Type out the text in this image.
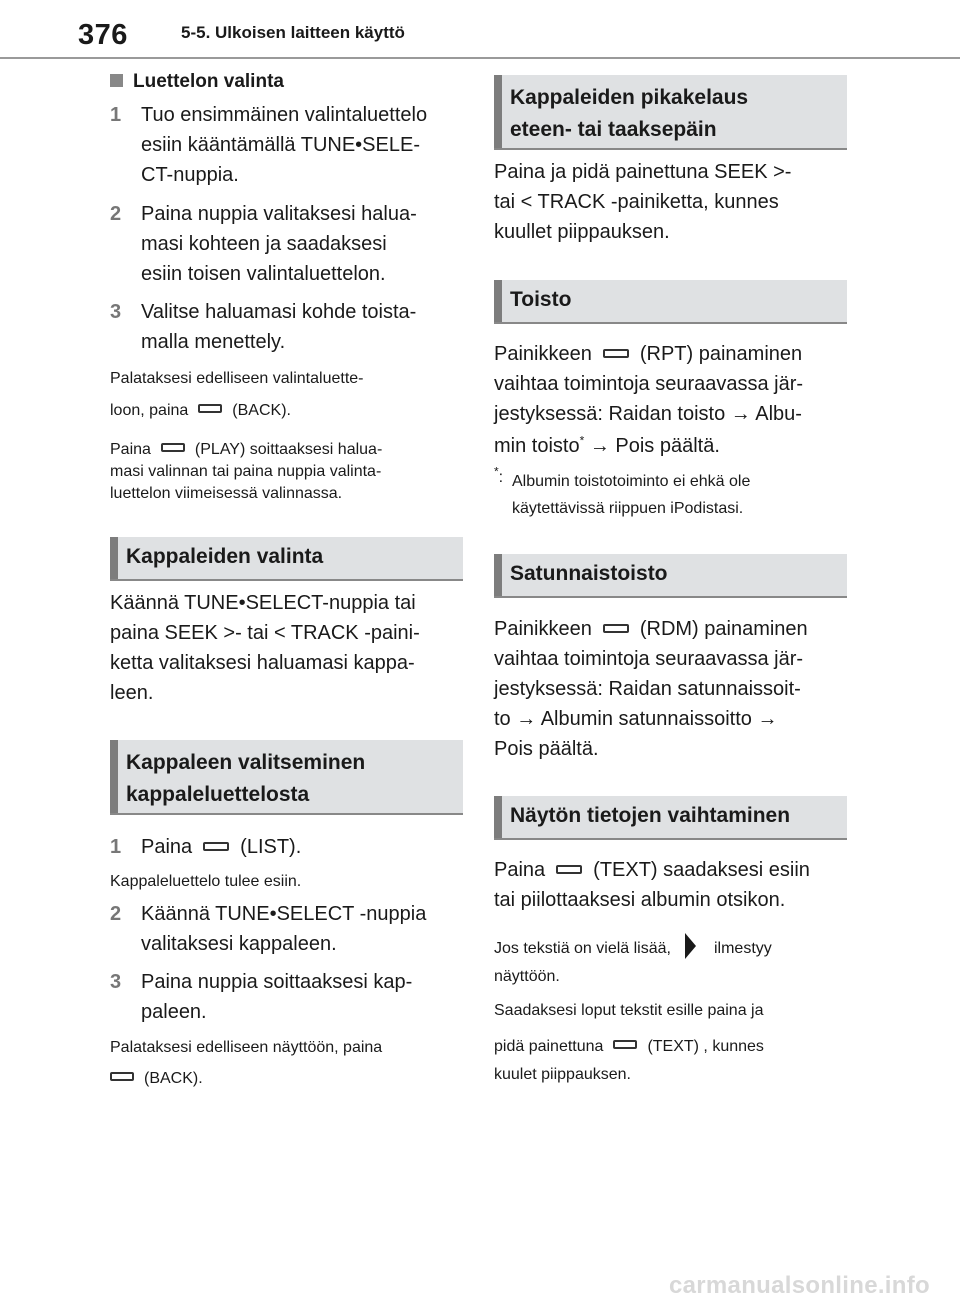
376	5-5. Ulkoisen laitteen käyttö
Luettelon valinta
1 Tuo ensimmäinen valintaluettelo
esiin kääntämällä TUNE•SELE-
CT-nuppia.
2 Paina nuppia valitaksesi halua-
masi kohteen ja saadaksesi
esiin toisen valintaluettelon.
3 Valitse haluamasi kohde toista-
malla menettely.
Palataksesi edelliseen valintaluette-
loon, paina	(BACK).
Paina	(PLAY) soittaaksesi halua-
masi valinnan tai paina nuppia valinta-
luettelon viimeisessä valinnassa.
Kappaleiden valinta
Käännä TUNE•SELECT-nuppia tai
paina SEEK >- tai < TRACK -paini-
ketta valitaksesi haluamasi kappa-
leen.
Kappaleen valitseminen
kappaleluettelosta
1 Paina (LIST).
Kappaleluettelo tulee esiin.
2 Käännä TUNE•SELECT -nuppia
valitaksesi kappaleen.
3 Paina nuppia soittaaksesi kap-
paleen.
Palataksesi edelliseen näyttöön, paina
(BACK).
Kappaleiden pikakelaus
eteen- tai taaksepäin
Paina ja pidä painettuna SEEK >-
tai < TRACK -painiketta, kunnes
kuullet piippauksen.
Toisto
Painikkeen (RPT) painaminen
vaihtaa toimintoja seuraavassa jär-
jestyksessä: Raidan toisto → Albu-
min toisto* → Pois päältä.
*: Albumin toistotoiminto ei ehkä ole
käytettävissä riippuen iPodistasi.
Satunnaistoisto
Painikkeen (RDM) painaminen
vaihtaa toimintoja seuraavassa jär-
jestyksessä: Raidan satunnaissoit-
to → Albumin satunnaissoitto →
Pois päältä.
Näytön tietojen vaihtaminen
Paina (TEXT) saadaksesi esiin
tai piilottaaksesi albumin otsikon.
Jos tekstiä on vielä lisää,	ilmestyy
näyttöön.
Saadaksesi loput tekstit esille paina ja
pidä painettuna	(TEXT) , kunnes
kuulet piippauksen.
carmanualsonline.info
